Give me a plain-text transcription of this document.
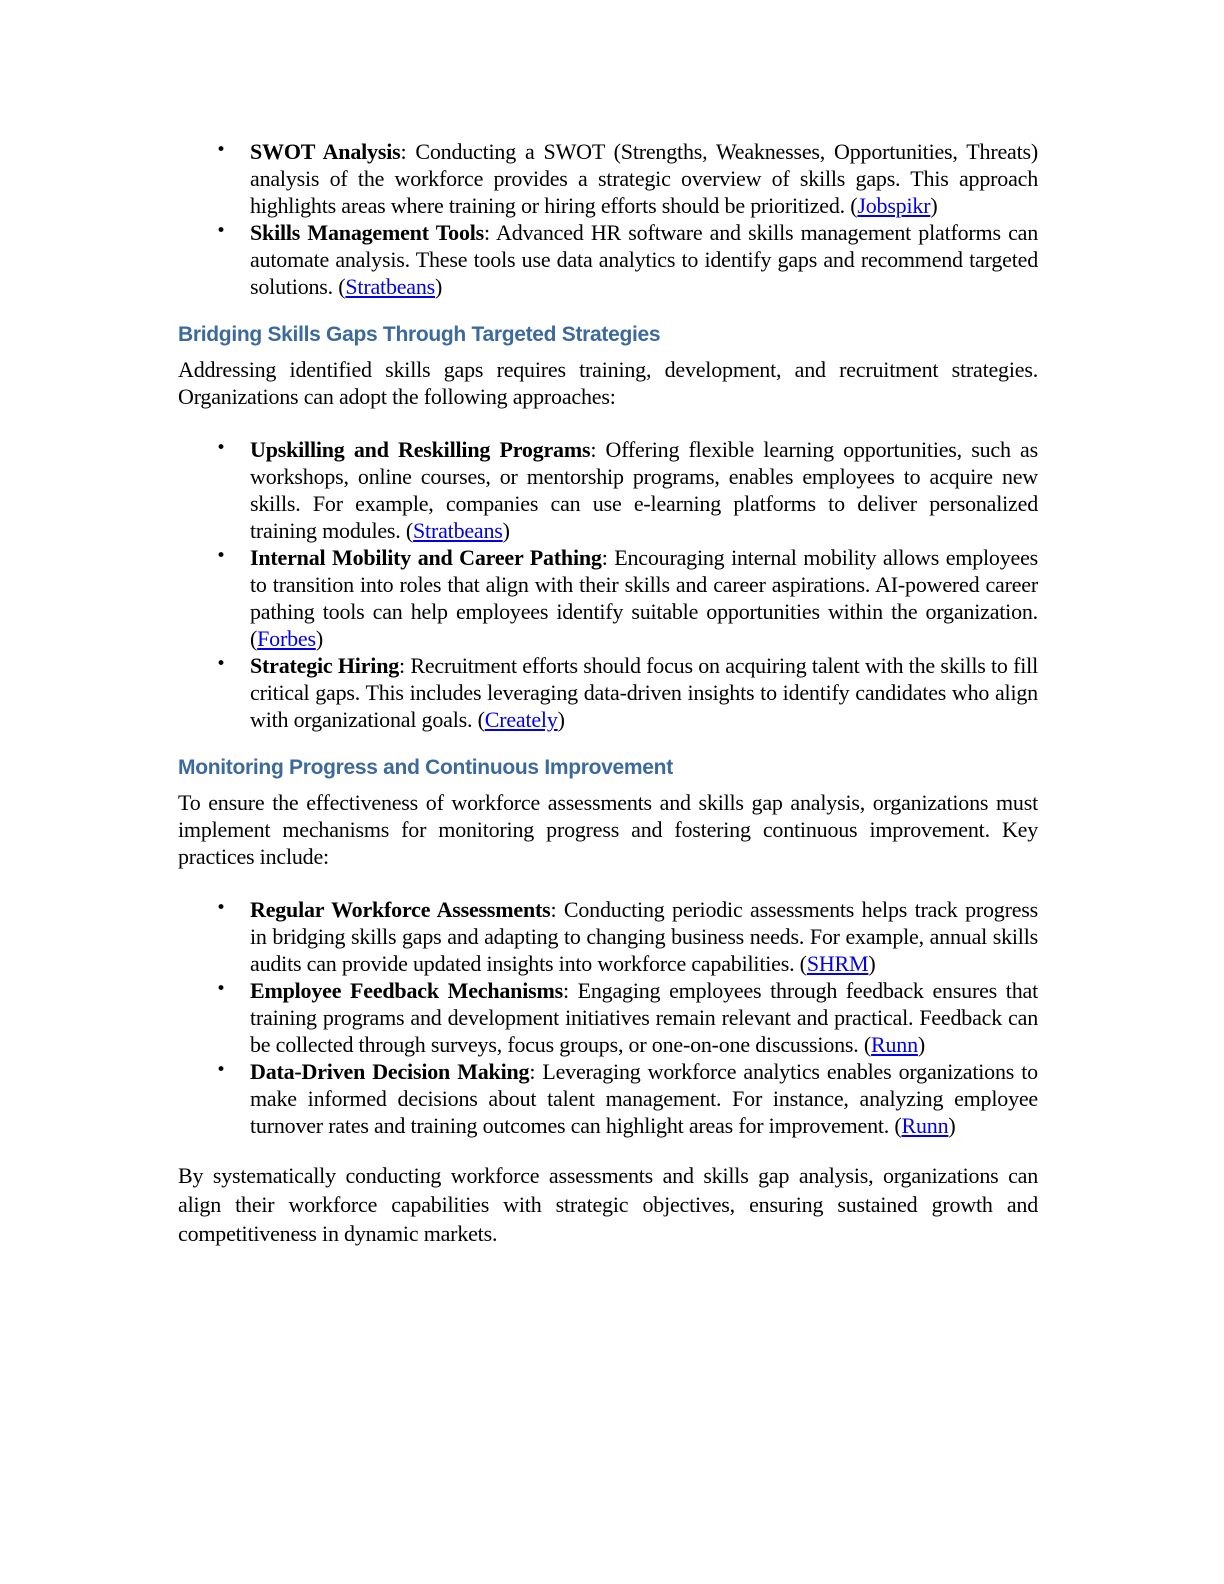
• SWOT Analysis: Conducting a SWOT (Strengths, Weaknesses, Opportunities, Threats) analysis of the workforce provides a strategic overview of skills gaps. This approach highlights areas where training or hiring efforts should be prioritized. (Jobspikr)
• Skills Management Tools: Advanced HR software and skills management platforms can automate analysis. These tools use data analytics to identify gaps and recommend targeted solutions. (Stratbeans)
Bridging Skills Gaps Through Targeted Strategies

Addressing identified skills gaps requires training, development, and recruitment strategies. Organizations can adopt the following approaches:

• Upskilling and Reskilling Programs: Offering flexible learning opportunities, such as workshops, online courses, or mentorship programs, enables employees to acquire new skills. For example, companies can use e-learning platforms to deliver personalized training modules. (Stratbeans)
• Internal Mobility and Career Pathing: Encouraging internal mobility allows employees to transition into roles that align with their skills and career aspirations. AI-powered career pathing tools can help employees identify suitable opportunities within the organization. (Forbes)
• Strategic Hiring: Recruitment efforts should focus on acquiring talent with the skills to fill critical gaps. This includes leveraging data-driven insights to identify candidates who align with organizational goals. (Creately)
Monitoring Progress and Continuous Improvement

To ensure the effectiveness of workforce assessments and skills gap analysis, organizations must implement mechanisms for monitoring progress and fostering continuous improvement. Key practices include:

• Regular Workforce Assessments: Conducting periodic assessments helps track progress in bridging skills gaps and adapting to changing business needs. For example, annual skills audits can provide updated insights into workforce capabilities. (SHRM)
• Employee Feedback Mechanisms: Engaging employees through feedback ensures that training programs and development initiatives remain relevant and practical. Feedback can be collected through surveys, focus groups, or one-on-one discussions. (Runn)
• Data-Driven Decision Making: Leveraging workforce analytics enables organizations to make informed decisions about talent management. For instance, analyzing employee turnover rates and training outcomes can highlight areas for improvement. (Runn)

By systematically conducting workforce assessments and skills gap analysis, organizations can align their workforce capabilities with strategic objectives, ensuring sustained growth and competitiveness in dynamic markets.
